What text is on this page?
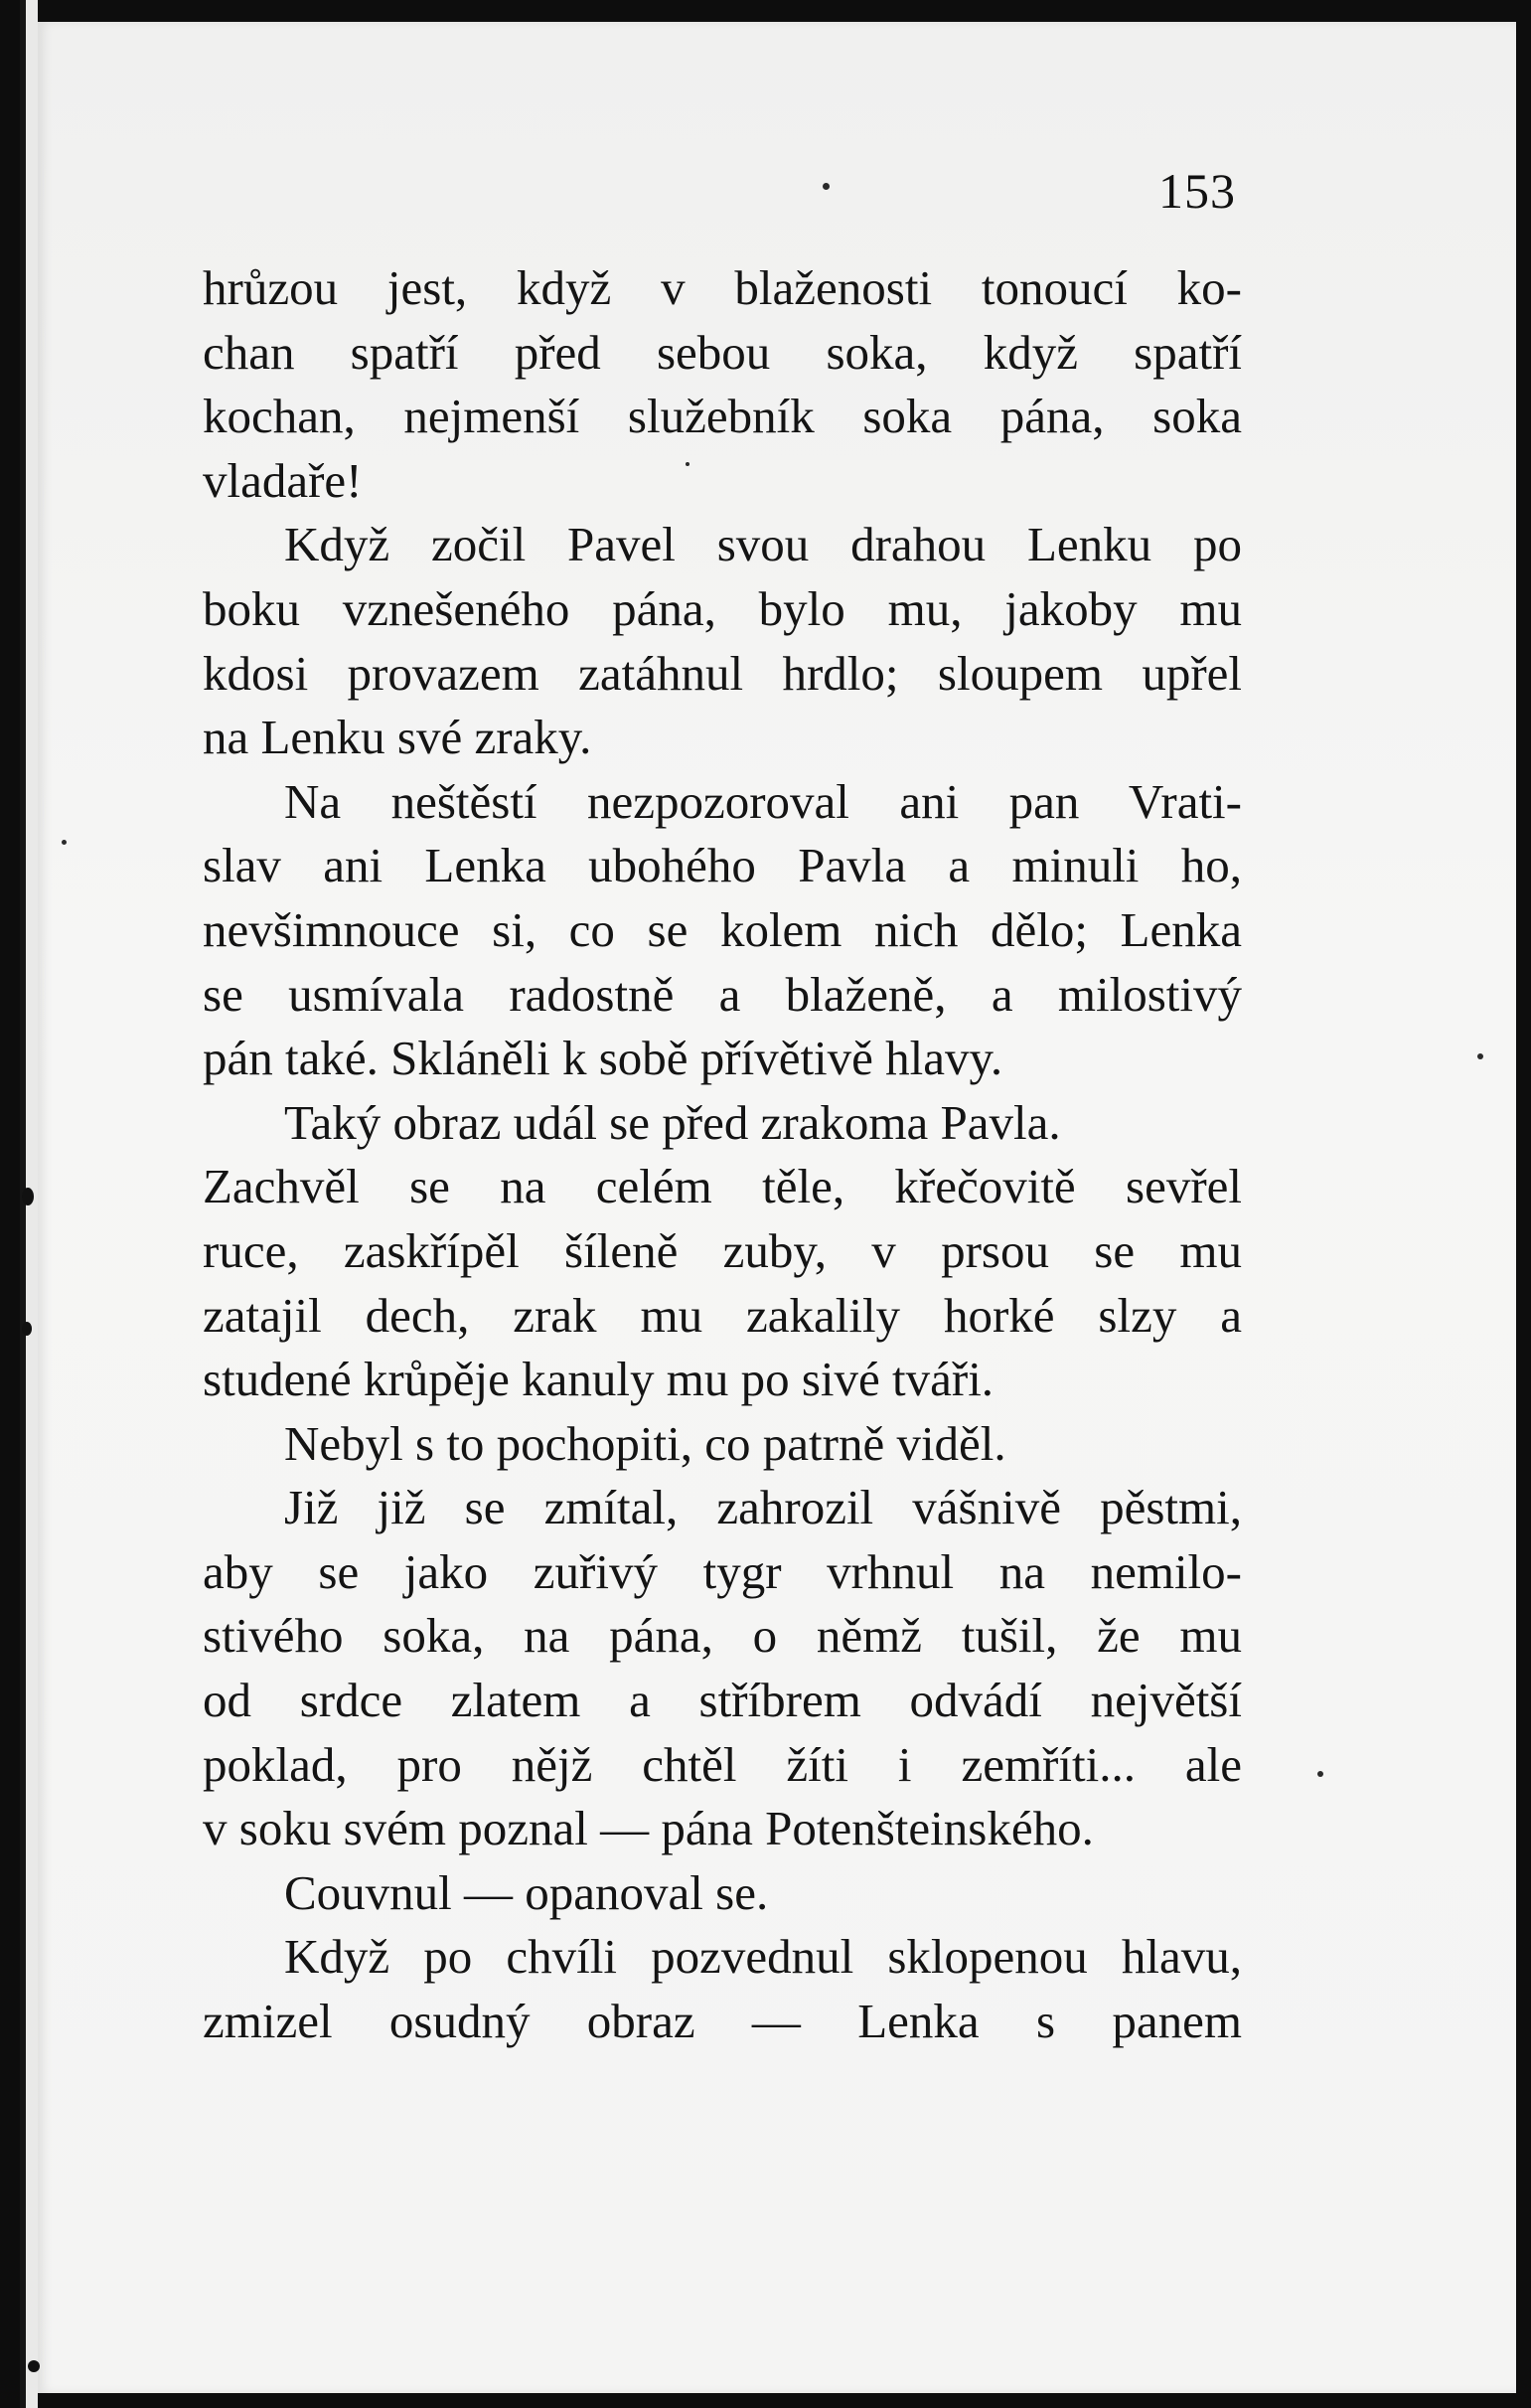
153
hrůzou jest, když v blaženosti tonoucí ko-
chan spatří před sebou soka, když spatří
kochan, nejmenší služebník soka pána, soka
vladaře!
Když zočil Pavel svou drahou Lenku po
boku vznešeného pána, bylo mu, jakoby mu
kdosi provazem zatáhnul hrdlo; sloupem upřel
na Lenku své zraky.
Na neštěstí nezpozoroval ani pan Vrati-
slav ani Lenka ubohého Pavla a minuli ho,
nevšimnouce si, co se kolem nich dělo; Lenka
se usmívala radostně a blaženě, a milostivý
pán také. Skláněli k sobě přívětivě hlavy.
Taký obraz udál se před zrakoma Pavla.
Zachvěl se na celém těle, křečovitě sevřel
ruce, zaskřípěl šíleně zuby, v prsou se mu
zatajil dech, zrak mu zakalily horké slzy a
studené krůpěje kanuly mu po sivé tváři.
Nebyl s to pochopiti, co patrně viděl.
Již již se zmítal, zahrozil vášnivě pěstmi,
aby se jako zuřivý tygr vrhnul na nemilo-
stivého soka, na pána, o němž tušil, že mu
od srdce zlatem a stříbrem odvádí největší
poklad, pro nějž chtěl žíti i zemříti... ale
v soku svém poznal — pána Potenšteinského.
Couvnul — opanoval se.
Když po chvíli pozvednul sklopenou hlavu,
zmizel osudný obraz — Lenka s panem
